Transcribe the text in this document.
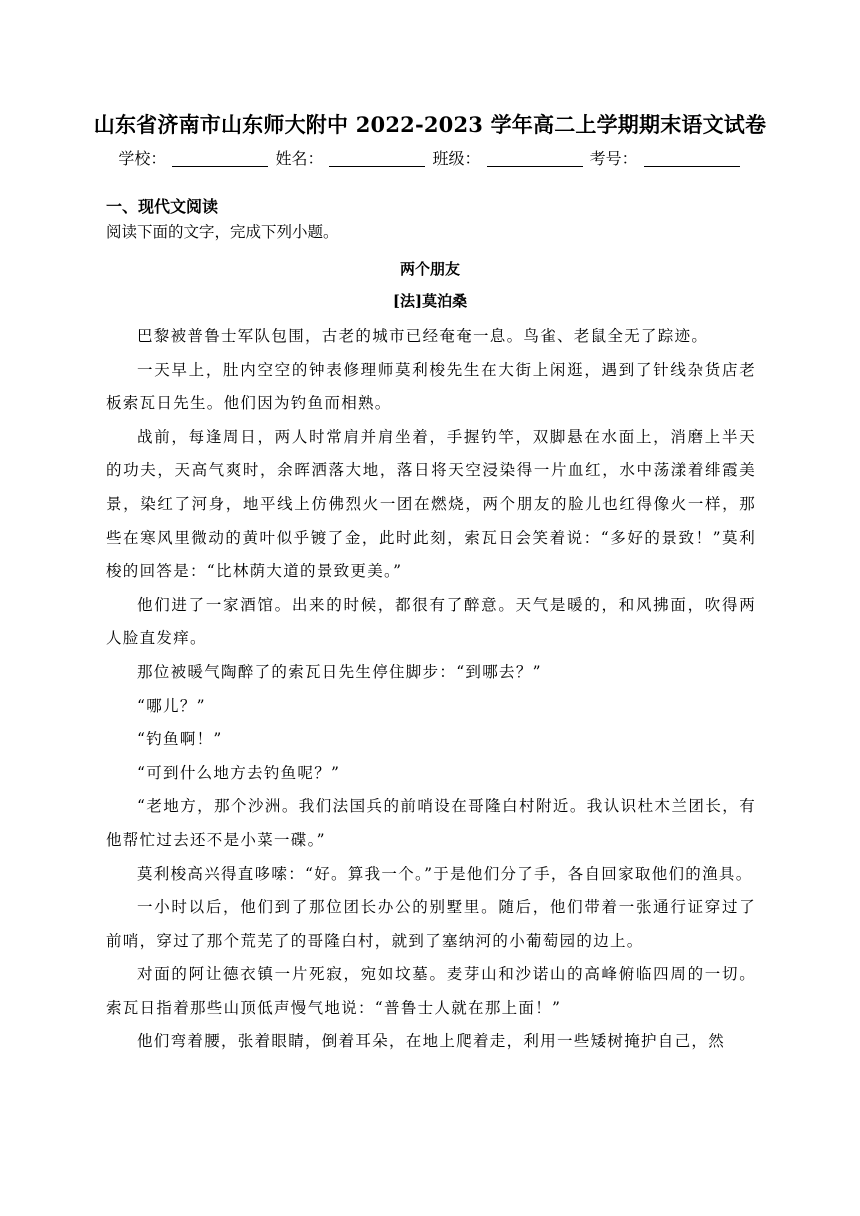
山东省济南市山东师大附中 2022-2023 学年高二上学期期末语文试卷
学校：	姓名：	班级：	考号：
一、现代文阅读
阅读下面的文字，完成下列小题。
两个朋友
[法]莫泊桑

巴黎被普鲁士军队包围，古老的城市已经奄奄一息。鸟雀、老鼠全无了踪迹。

一天早上，肚内空空的钟表修理师莫利梭先生在大街上闲逛，遇到了针线杂货店老板索瓦日先生。他们因为钓鱼而相熟。

战前，每逢周日，两人时常肩并肩坐着，手握钓竿，双脚悬在水面上，消磨上半天的功夫，天高气爽时，余晖洒落大地，落日将天空浸染得一片血红，水中荡漾着绯霞美景，染红了河身，地平线上仿佛烈火一团在燃烧，两个朋友的脸儿也红得像火一样，那些在寒风里微动的黄叶似乎镀了金，此时此刻，索瓦日会笑着说：“多好的景致！”莫利梭的回答是：“比林荫大道的景致更美。”

他们进了一家酒馆。出来的时候，都很有了醉意。天气是暖的，和风拂面，吹得两人脸直发痒。

那位被暖气陶醉了的索瓦日先生停住脚步：“到哪去？”

“哪儿？”

“钓鱼啊！”

“可到什么地方去钓鱼呢？”

“老地方，那个沙洲。我们法国兵的前哨设在哥隆白村附近。我认识杜木兰团长，有他帮忙过去还不是小菜一碟。”

莫利梭高兴得直哆嗦：“好。算我一个。”于是他们分了手，各自回家取他们的渔具。

一小时以后，他们到了那位团长办公的别墅里。随后，他们带着一张通行证穿过了前哨，穿过了那个荒芜了的哥隆白村，就到了塞纳河的小葡萄园的边上。

对面的阿让德衣镇一片死寂，宛如坟墓。麦芽山和沙诺山的高峰俯临四周的一切。索瓦日指着那些山顶低声慢气地说：“普鲁士人就在那上面！”

他们弯着腰，张着眼睛，倒着耳朵，在地上爬着走，利用一些矮树掩护自己，然
